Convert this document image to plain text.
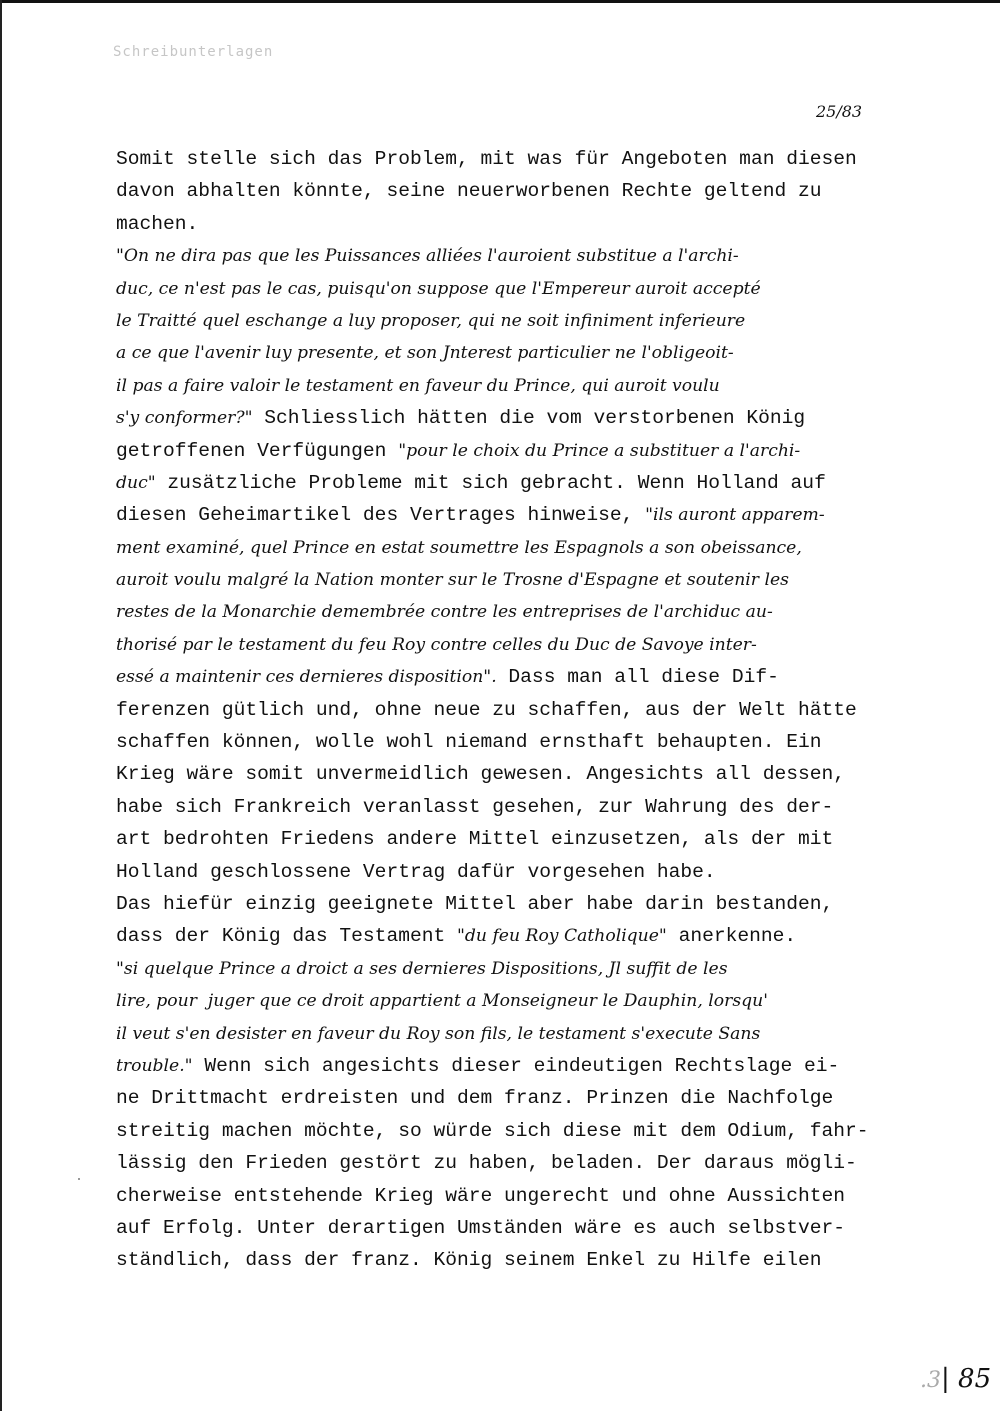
Schreibunterlagen
25/83
Somit stelle sich das Problem, mit was für Angeboten man diesen
davon abhalten könnte, seine neuerworbenen Rechte geltend zu
machen.
"On ne dira pas que les Puissances alliées l'auroient substitue a l'archi-
duc, ce n'est pas le cas, puisqu'on suppose que l'Empereur auroit accepté
le Traitté quel eschange a luy proposer, qui ne soit infiniment inferieure
a ce que l'avenir luy presente, et son Jnterest particulier ne l'obligeoit-
il pas a faire valoir le testament en faveur du Prince, qui auroit voulu
s'y conformer?" Schliesslich hätten die vom verstorbenen König
getroffenen Verfügungen "pour le choix du Prince a substituer a l'archi-
duc" zusätzliche Probleme mit sich gebracht. Wenn Holland auf
diesen Geheimartikel des Vertrages hinweise, "ils auront apparem-
ment examiné, quel Prince en estat soumettre les Espagnols a son obeissance,
auroit voulu malgré la Nation monter sur le Trosne d'Espagne et soutenir les
restes de la Monarchie demembrée contre les entreprises de l'archiduc au-
thorisé par le testament du feu Roy contre celles du Duc de Savoye inter-
essé a maintenir ces dernieres disposition". Dass man all diese Dif-
ferenzen gütlich und, ohne neue zu schaffen, aus der Welt hätte
schaffen können, wolle wohl niemand ernsthaft behaupten. Ein
Krieg wäre somit unvermeidlich gewesen. Angesichts all dessen,
habe sich Frankreich veranlasst gesehen, zur Wahrung des der-
art bedrohten Friedens andere Mittel einzusetzen, als der mit
Holland geschlossene Vertrag dafür vorgesehen habe.
Das hiefür einzig geeignete Mittel aber habe darin bestanden,
dass der König das Testament "du feu Roy Catholique" anerkenne.
"si quelque Prince a droict a ses dernieres Dispositions, Jl suffit de les
lire, pour  juger que ce droit appartient a Monseigneur le Dauphin, lorsqu'
il veut s'en desister en faveur du Roy son fils, le testament s'execute Sans
trouble." Wenn sich angesichts dieser eindeutigen Rechtslage ei-
ne Drittmacht erdreisten und dem franz. Prinzen die Nachfolge
streitig machen möchte, so würde sich diese mit dem Odium, fahr-
lässig den Frieden gestört zu haben, beladen. Der daraus mögli-
cherweise entstehende Krieg wäre ungerecht und ohne Aussichten
auf Erfolg. Unter derartigen Umständen wäre es auch selbstver-
ständlich, dass der franz. König seinem Enkel zu Hilfe eilen
.3| 85
